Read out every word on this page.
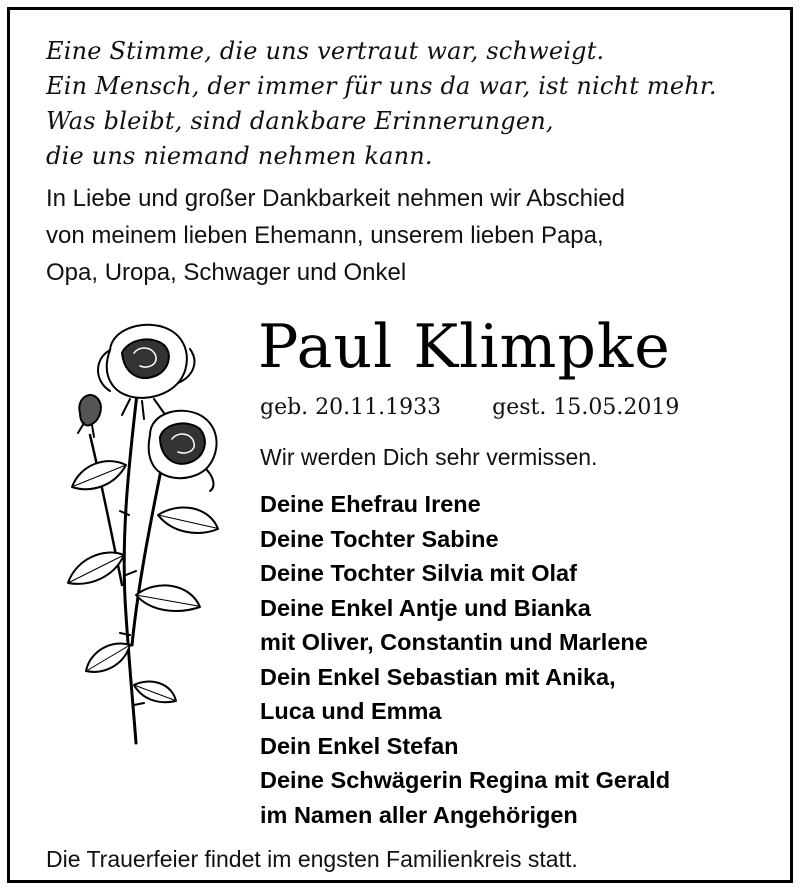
Eine Stimme, die uns vertraut war, schweigt.
Ein Mensch, der immer für uns da war, ist nicht mehr.
Was bleibt, sind dankbare Erinnerungen,
die uns niemand nehmen kann.
In Liebe und großer Dankbarkeit nehmen wir Abschied
von meinem lieben Ehemann, unserem lieben Papa,
Opa, Uropa, Schwager und Onkel
Paul Klimpke
geb. 20.11.1933 gest. 15.05.2019
Wir werden Dich sehr vermissen.
Deine Ehefrau Irene
Deine Tochter Sabine
Deine Tochter Silvia mit Olaf
Deine Enkel Antje und Bianka
mit Oliver, Constantin und Marlene
Dein Enkel Sebastian mit Anika,
Luca und Emma
Dein Enkel Stefan
Deine Schwägerin Regina mit Gerald
im Namen aller Angehörigen
Die Trauerfeier findet im engsten Familienkreis statt.
